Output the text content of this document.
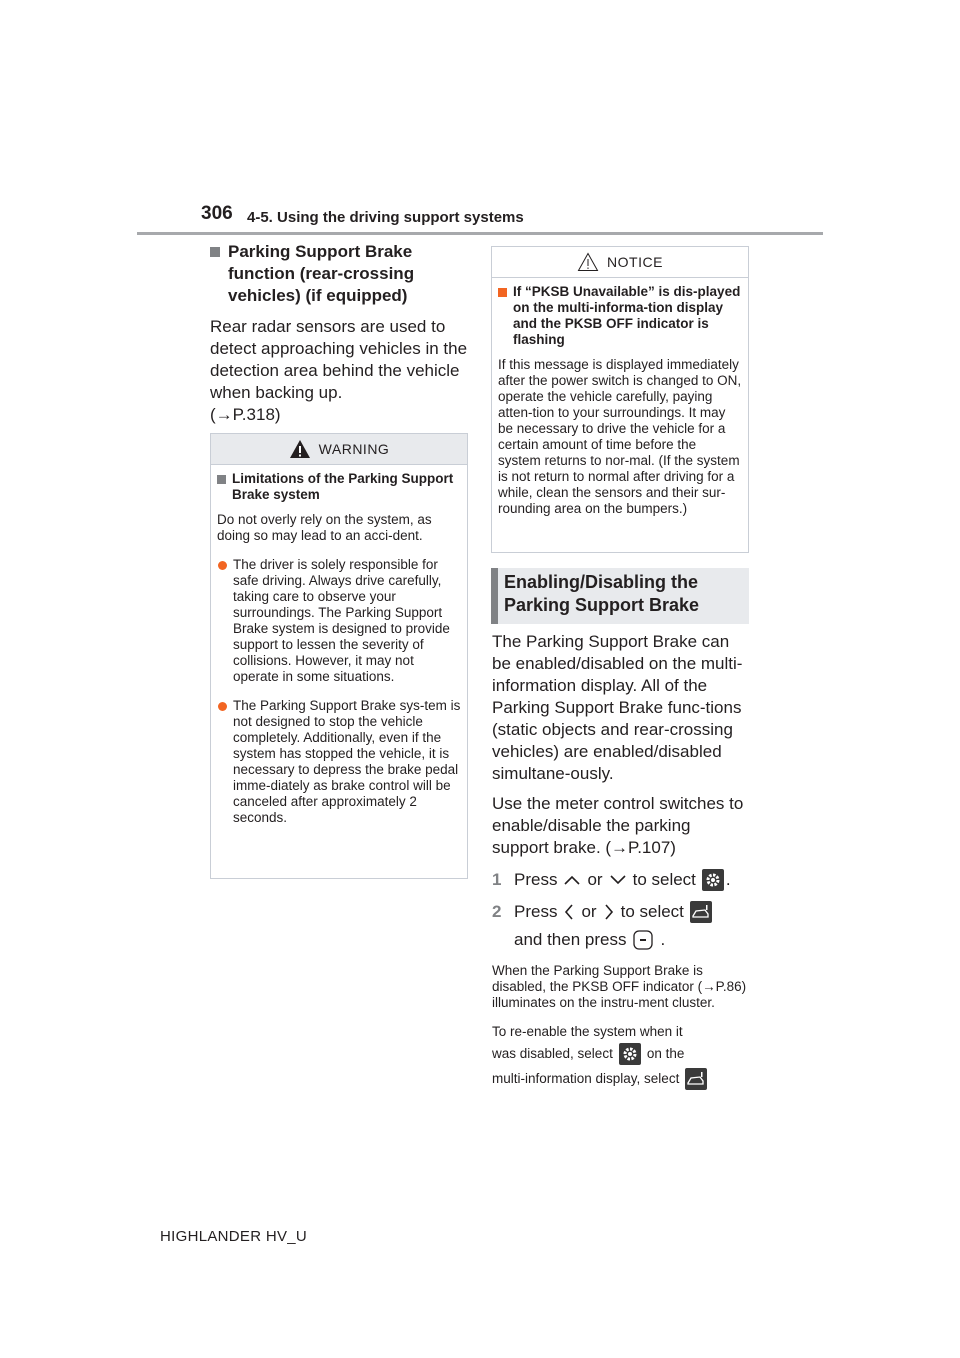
306 4-5. Using the driving support systems
Parking Support Brake function (rear-crossing vehicles) (if equipped)
Rear radar sensors are used to detect approaching vehicles in the detection area behind the vehicle when backing up.
(→P.318)
WARNING
Limitations of the Parking Support Brake system
Do not overly rely on the system, as doing so may lead to an acci-dent.
The driver is solely responsible for safe driving. Always drive carefully, taking care to observe your surroundings. The Parking Support Brake system is designed to provide support to lessen the severity of collisions. However, it may not operate in some situations.
The Parking Support Brake sys-tem is not designed to stop the vehicle completely. Additionally, even if the system has stopped the vehicle, it is necessary to depress the brake pedal imme-diately as brake control will be canceled after approximately 2 seconds.
NOTICE
If “PKSB Unavailable” is dis-played on the multi-informa-tion display and the PKSB OFF indicator is flashing
If this message is displayed immediately after the power switch is changed to ON, operate the vehicle carefully, paying atten-tion to your surroundings. It may be necessary to drive the vehicle for a certain amount of time before the system returns to nor-mal. (If the system is not return to normal after driving for a while, clean the sensors and their sur-rounding area on the bumpers.)
Enabling/Disabling the Parking Support Brake
The Parking Support Brake can be enabled/disabled on the multi-information display. All of the Parking Support Brake func-tions (static objects and rear-crossing vehicles) are enabled/disabled simultane-ously.
Use the meter control switches to enable/disable the parking support brake. (→P.107)
1 Press or to select .
2 Press or to select
and then press .
When the Parking Support Brake is disabled, the PKSB OFF indicator (→P.86) illuminates on the instru-ment cluster.
To re-enable the system when it
was disabled, select	on the
multi-information display, select
HIGHLANDER HV_U
